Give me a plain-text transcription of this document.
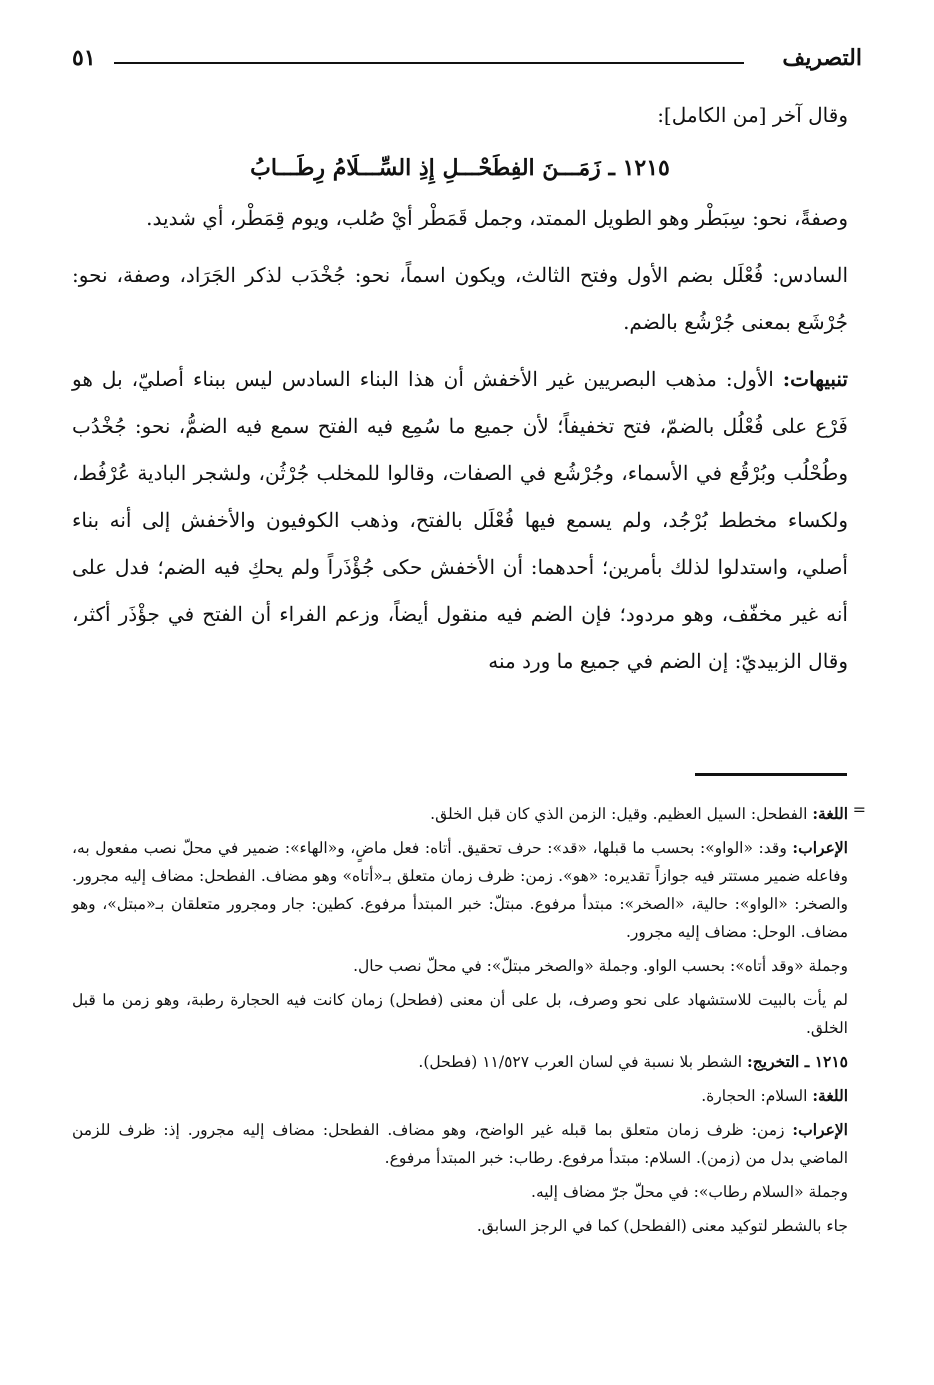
التصريف
٥١

وقال آخر [من الكامل]:

١٢١٥ ـ زَمَـــنَ الفِطَحْـــلِ إِذِ السِّـــلَامُ رِطَـــابُ

وصفةً، نحو: سِبَطْر وهو الطويل الممتد، وجمل قَمَطْر أيْ صُلب، ويوم قِمَطْر، أي شديد.

السادس: فُعْلَل بضم الأول وفتح الثالث، ويكون اسماً، نحو: جُخْدَب لذكر الجَرَاد، وصفة، نحو: جُرْشَع بمعنى جُرْشُع بالضم.

تنبيهات: الأول: مذهب البصريين غير الأخفش أن هذا البناء السادس ليس ببناء أصليّ، بل هو فَرْع على فُعْلُل بالضمّ، فتح تخفيفاً؛ لأن جميع ما سُمِع فيه الفتح سمع فيه الضمُّ، نحو: جُخْدُب وطُحْلُب وبُرْقُع في الأسماء، وجُرْشُع في الصفات، وقالوا للمخلب جُرْثُن، ولشجر البادية عُرْفُط، ولكساء مخطط بُرْجُد، ولم يسمع فيها فُعْلَل بالفتح، وذهب الكوفيون والأخفش إلى أنه بناء أصلي، واستدلوا لذلك بأمرين؛ أحدهما: أن الأخفش حكى جُؤْذَراً ولم يحكِ فيه الضم؛ فدل على أنه غير مخفّف، وهو مردود؛ فإن الضم فيه منقول أيضاً، وزعم الفراء أن الفتح في جؤْذَر أكثر، وقال الزبيديّ: إن الضم في جميع ما ورد منه

=

اللغة: الفطحل: السيل العظيم. وقيل: الزمن الذي كان قبل الخلق.

الإعراب: وقد: «الواو»: بحسب ما قبلها، «قد»: حرف تحقيق. أتاه: فعل ماضٍ، و«الهاء»: ضمير في محلّ نصب مفعول به، وفاعله ضمير مستتر فيه جوازاً تقديره: «هو». زمن: ظرف زمان متعلق بـ«أتاه» وهو مضاف. الفطحل: مضاف إليه مجرور. والصخر: «الواو»: حالية، «الصخر»: مبتدأ مرفوع. مبتلّ: خبر المبتدأ مرفوع. كطين: جار ومجرور متعلقان بـ«مبتل»، وهو مضاف. الوحل: مضاف إليه مجرور.

وجملة «وقد أتاه»: بحسب الواو. وجملة «والصخر مبتلّ»: في محلّ نصب حال.

لم يأت بالبيت للاستشهاد على نحو وصرف، بل على أن معنى (فطحل) زمان كانت فيه الحجارة رطبة، وهو زمن ما قبل الخلق.

١٢١٥ ـ التخريج: الشطر بلا نسبة في لسان العرب ١١/٥٢٧ (فطحل).

اللغة: السلام: الحجارة.

الإعراب: زمن: ظرف زمان متعلق بما قبله غير الواضح، وهو مضاف. الفطحل: مضاف إليه مجرور. إذ: ظرف للزمن الماضي بدل من (زمن). السلام: مبتدأ مرفوع. رطاب: خبر المبتدأ مرفوع.

وجملة «السلام رطاب»: في محلّ جرّ مضاف إليه.

جاء بالشطر لتوكيد معنى (الفطحل) كما في الرجز السابق.
